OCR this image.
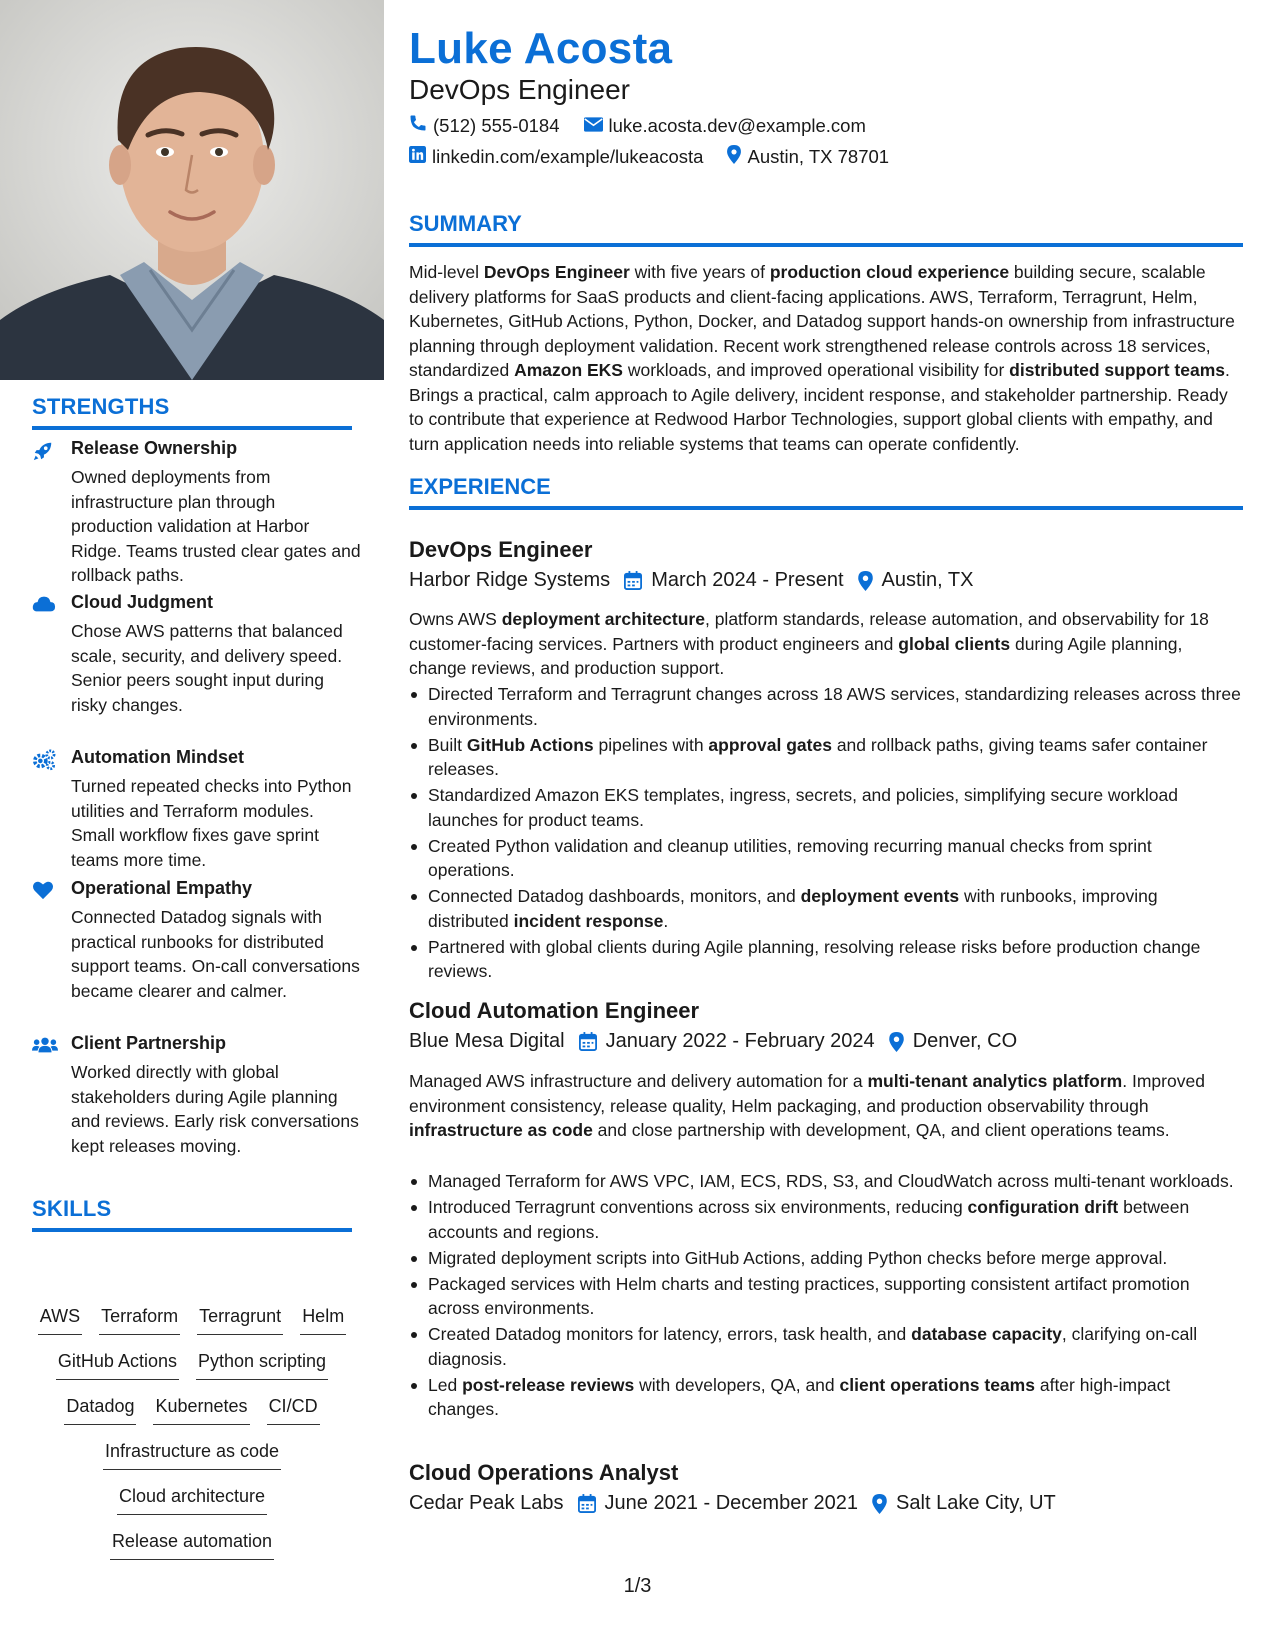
STRENGTHS
Release Ownership
Owned deployments from infrastructure plan through production validation at Harbor Ridge. Teams trusted clear gates and rollback paths.
Cloud Judgment
Chose AWS patterns that balanced scale, security, and delivery speed. Senior peers sought input during risky changes.
Automation Mindset
Turned repeated checks into Python utilities and Terraform modules. Small workflow fixes gave sprint teams more time.
Operational Empathy
Connected Datadog signals with practical runbooks for distributed support teams. On-call conversations became clearer and calmer.
Client Partnership
Worked directly with global stakeholders during Agile planning and reviews. Early risk conversations kept releases moving.
SKILLS
AWS Terraform Terragrunt Helm
GitHub Actions Python scripting
Datadog Kubernetes CI/CD
Infrastructure as code
Cloud architecture
Release automation
Luke Acosta
DevOps Engineer
(512) 555-0184	luke.acosta.dev@example.com
linkedin.com/example/lukeacosta Austin, TX 78701
SUMMARY
Mid-level DevOps Engineer with five years of production cloud experience building secure, scalable delivery platforms for SaaS products and client-facing applications. AWS, Terraform, Terragrunt, Helm, Kubernetes, GitHub Actions, Python, Docker, and Datadog support hands-on ownership from infrastructure planning through deployment validation. Recent work strengthened release controls across 18 services, standardized Amazon EKS workloads, and improved operational visibility for distributed support teams. Brings a practical, calm approach to Agile delivery, incident response, and stakeholder partnership. Ready to contribute that experience at Redwood Harbor Technologies, support global clients with empathy, and turn application needs into reliable systems that teams can operate confidently.
EXPERIENCE
DevOps Engineer
Harbor Ridge Systems March 2024 - Present Austin, TX
Owns AWS deployment architecture, platform standards, release automation, and observability for 18 customer-facing services. Partners with product engineers and global clients during Agile planning, change reviews, and production support.
Directed Terraform and Terragrunt changes across 18 AWS services, standardizing releases across three environments.
Built GitHub Actions pipelines with approval gates and rollback paths, giving teams safer container releases.
Standardized Amazon EKS templates, ingress, secrets, and policies, simplifying secure workload launches for product teams.
Created Python validation and cleanup utilities, removing recurring manual checks from sprint operations.
Connected Datadog dashboards, monitors, and deployment events with runbooks, improving distributed incident response.
Partnered with global clients during Agile planning, resolving release risks before production change reviews.
Cloud Automation Engineer
Blue Mesa Digital January 2022 - February 2024 Denver, CO
Managed AWS infrastructure and delivery automation for a multi-tenant analytics platform. Improved environment consistency, release quality, Helm packaging, and production observability through infrastructure as code and close partnership with development, QA, and client operations teams.
Managed Terraform for AWS VPC, IAM, ECS, RDS, S3, and CloudWatch across multi-tenant workloads.
Introduced Terragrunt conventions across six environments, reducing configuration drift between accounts and regions.
Migrated deployment scripts into GitHub Actions, adding Python checks before merge approval.
Packaged services with Helm charts and testing practices, supporting consistent artifact promotion across environments.
Created Datadog monitors for latency, errors, task health, and database capacity, clarifying on-call diagnosis.
Led post-release reviews with developers, QA, and client operations teams after high-impact changes.
Cloud Operations Analyst
Cedar Peak Labs June 2021 - December 2021 Salt Lake City, UT
1/3
